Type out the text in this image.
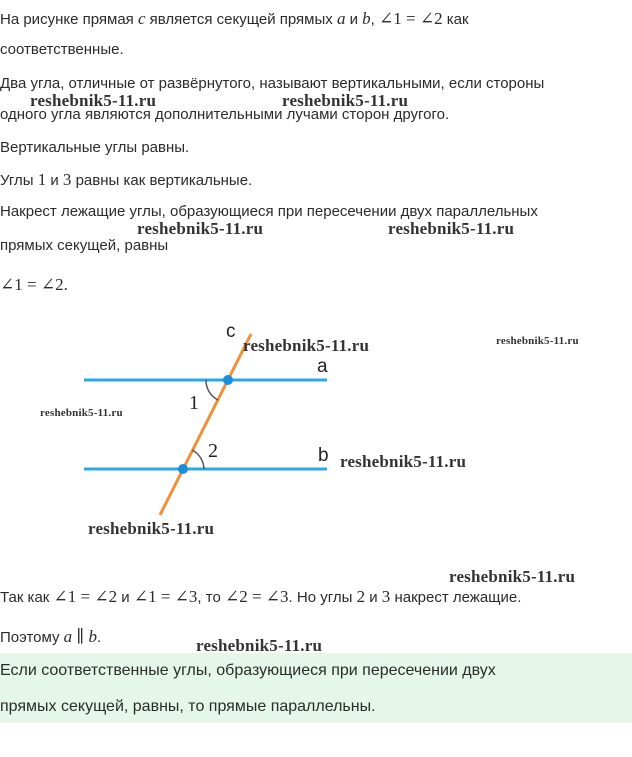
На рисунке прямая c является секущей прямых a и b, ∠1 = ∠2 как
соответственные.
Два угла, отличные от развёрнутого, называют вертикальными, если стороны
одного угла являются дополнительными лучами сторон другого.
Вертикальные углы равны.
Углы 1 и 3 равны как вертикальные.
Накрест лежащие углы, образующиеся при пересечении двух параллельных
прямых секущей, равны
∠1 = ∠2.
c
a
b
1
2
Так как ∠1 = ∠2 и ∠1 = ∠3, то ∠2 = ∠3. Но углы 2 и 3 накрест лежащие.
Поэтому a ∥ b.
Если соответственные углы, образующиеся при пересечении двух
прямых секущей, равны, то прямые параллельны.
reshebnik5-11.ru	reshebnik5-11.ru
reshebnik5-11.ru	reshebnik5-11.ru
reshebnik5-11.ru	reshebnik5-11.ru
reshebnik5-11.ru
reshebnik5-11.ru
reshebnik5-11.ru
reshebnik5-11.ru
reshebnik5-11.ru
